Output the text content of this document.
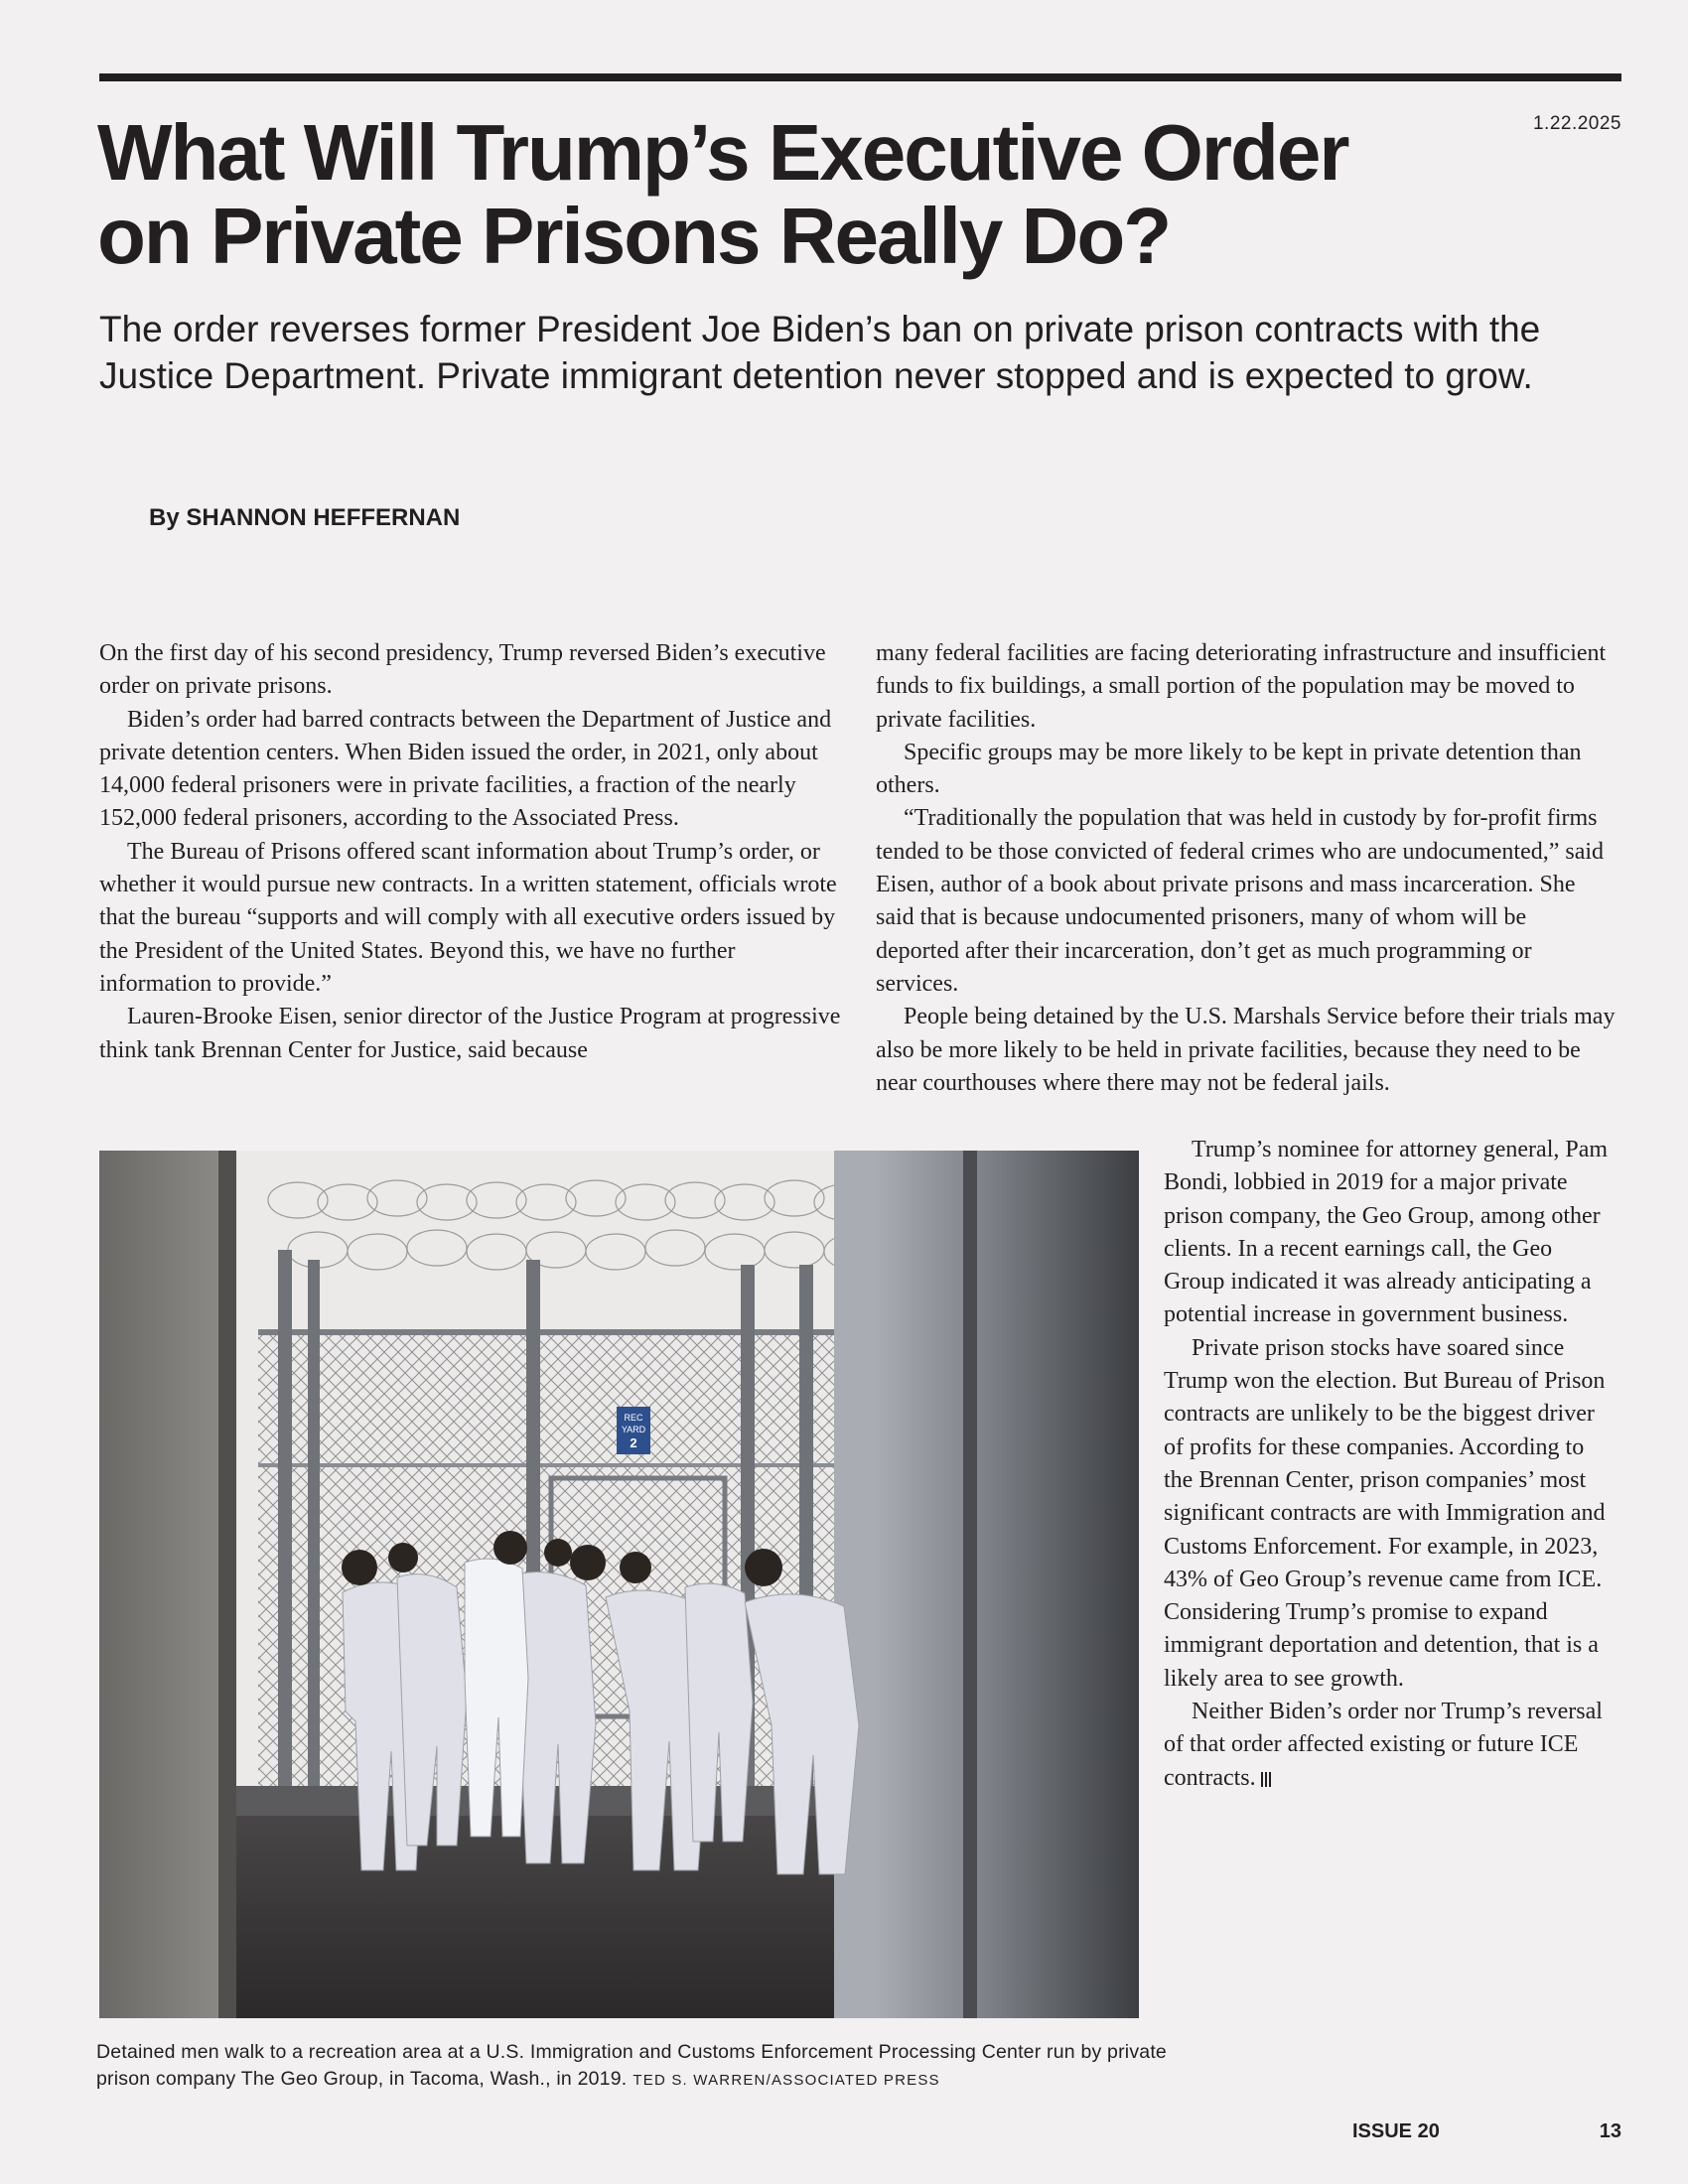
1.22.2025
What Will Trump’s Executive Order on Private Prisons Really Do?
The order reverses former President Joe Biden’s ban on private prison contracts with the Justice Department. Private immigrant detention never stopped and is expected to grow.
By SHANNON HEFFERNAN

On the first day of his second presidency, Trump reversed Biden’s executive order on private prisons.

Biden’s order had barred contracts between the Department of Justice and private detention centers. When Biden issued the order, in 2021, only about 14,000 federal prisoners were in private facilities, a fraction of the nearly 152,000 federal prisoners, according to the Associated Press.

The Bureau of Prisons offered scant information about Trump’s order, or whether it would pursue new contracts. In a written statement, officials wrote that the bureau “supports and will comply with all executive orders issued by the President of the United States. Beyond this, we have no further information to provide.”

Lauren-Brooke Eisen, senior director of the Justice Program at progressive think tank Brennan Center for Justice, said because

many federal facilities are facing deteriorating infrastructure and insufficient funds to fix buildings, a small portion of the population may be moved to private facilities.

Specific groups may be more likely to be kept in private detention than others.

“Traditionally the population that was held in custody by for-profit firms tended to be those convicted of federal crimes who are undocumented,” said Eisen, author of a book about private prisons and mass incarceration. She said that is because undocumented prisoners, many of whom will be deported after their incarceration, don’t get as much programming or services.

People being detained by the U.S. Marshals Service before their trials may also be more likely to be held in private facilities, because they need to be near courthouses where there may not be federal jails.

Trump’s nominee for attorney general, Pam Bondi, lobbied in 2019 for a major private prison company, the Geo Group, among other clients. In a recent earnings call, the Geo Group indicated it was already anticipating a potential increase in government business.

Private prison stocks have soared since Trump won the election. But Bureau of Prison contracts are unlikely to be the biggest driver of profits for these companies. According to the Brennan Center, prison companies’ most significant contracts are with Immigration and Customs Enforcement. For example, in 2023, 43% of Geo Group’s revenue came from ICE. Considering Trump’s promise to expand immigrant deportation and detention, that is a likely area to see growth.

Neither Biden’s order nor Trump’s reversal of that order affected existing or future ICE contracts.

REC
YARD
2
Detained men walk to a recreation area at a U.S. Immigration and Customs Enforcement Processing Center run by private prison company The Geo Group, in Tacoma, Wash., in 2019. TED S. WARREN/ASSOCIATED PRESS
ISSUE 20	13
